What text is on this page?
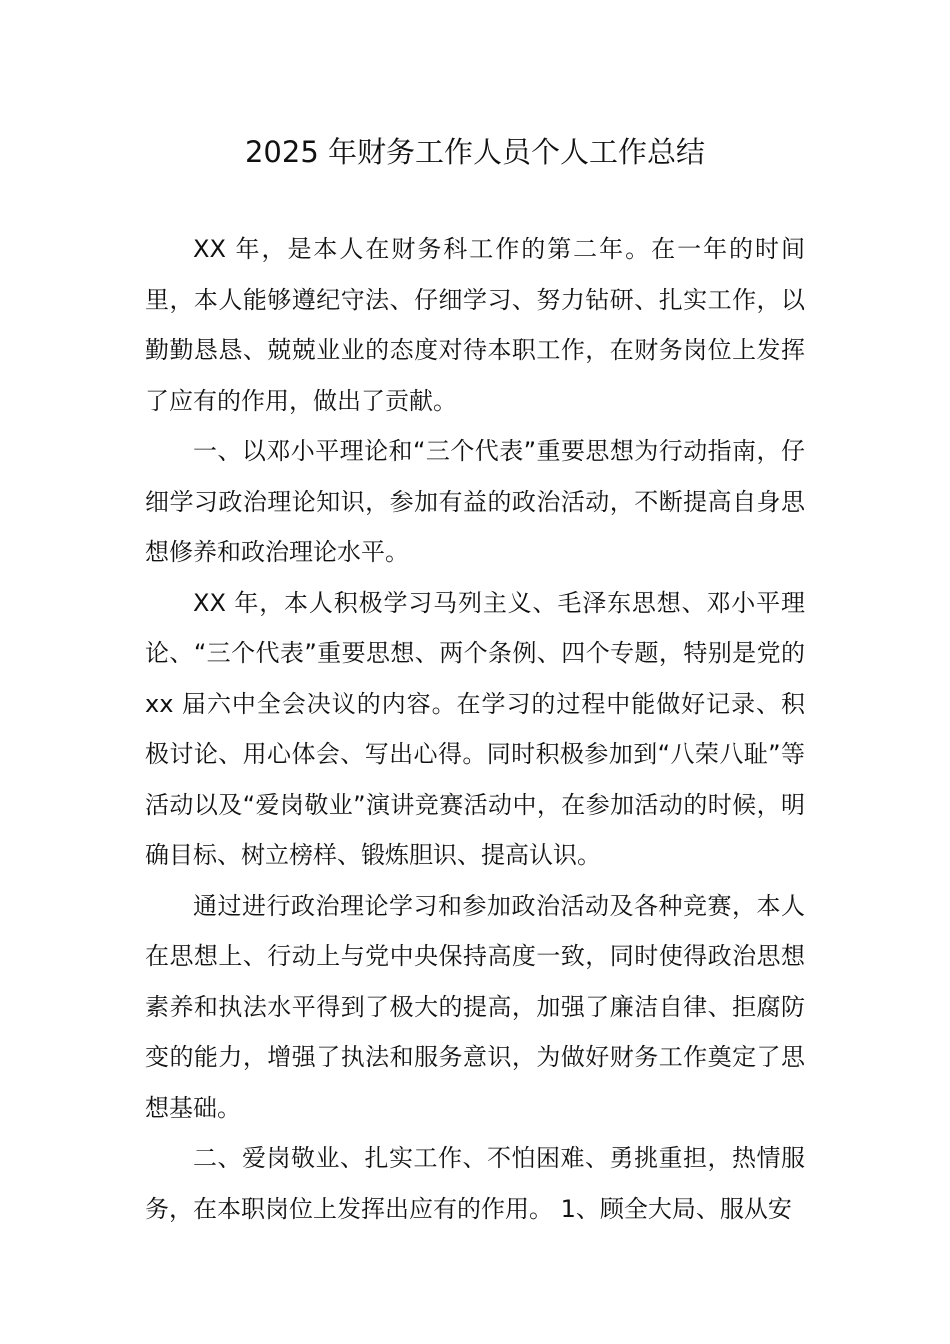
2025 年财务工作人员个人工作总结

XX 年，是本人在财务科工作的第二年。在一年的时间里，本人能够遵纪守法、仔细学习、努力钻研、扎实工作，以勤勤恳恳、兢兢业业的态度对待本职工作，在财务岗位上发挥了应有的作用，做出了贡献。

一、以邓小平理论和“三个代表”重要思想为行动指南，仔细学习政治理论知识，参加有益的政治活动，不断提高自身思想修养和政治理论水平。

XX 年，本人积极学习马列主义、毛泽东思想、邓小平理论、“三个代表”重要思想、两个条例、四个专题，特别是党的 xx 届六中全会决议的内容。在学习的过程中能做好记录、积极讨论、用心体会、写出心得。同时积极参加到“八荣八耻”等活动以及“爱岗敬业”演讲竞赛活动中，在参加活动的时候，明确目标、树立榜样、锻炼胆识、提高认识。

通过进行政治理论学习和参加政治活动及各种竞赛，本人在思想上、行动上与党中央保持高度一致，同时使得政治思想素养和执法水平得到了极大的提高，加强了廉洁自律、拒腐防变的能力，增强了执法和服务意识，为做好财务工作奠定了思想基础。

二、爱岗敬业、扎实工作、不怕困难、勇挑重担，热情服务，在本职岗位上发挥出应有的作用。 1、顾全大局、服从安
